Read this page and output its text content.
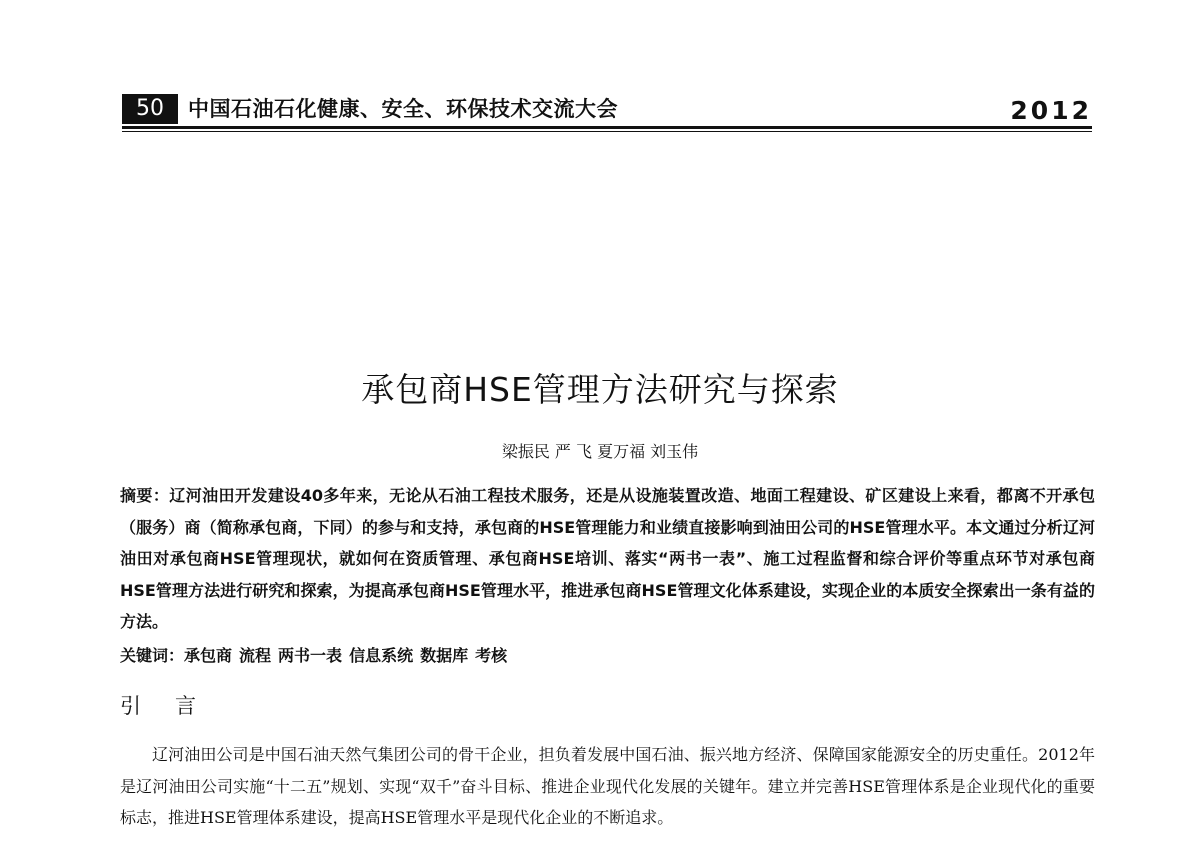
50	中国石油石化健康、安全、环保技术交流大会	2012
承包商HSE管理方法研究与探索
梁振民 严 飞 夏万福 刘玉伟
摘要：辽河油田开发建设40多年来，无论从石油工程技术服务，还是从设施装置改造、地面工程建设、矿区建设上来看，都离不开承包（服务）商（简称承包商，下同）的参与和支持，承包商的HSE管理能力和业绩直接影响到油田公司的HSE管理水平。本文通过分析辽河油田对承包商HSE管理现状，就如何在资质管理、承包商HSE培训、落实“两书一表”、施工过程监督和综合评价等重点环节对承包商HSE管理方法进行研究和探索，为提高承包商HSE管理水平，推进承包商HSE管理文化体系建设，实现企业的本质安全探索出一条有益的方法。
关键词：承包商 流程 两书一表 信息系统 数据库 考核
引言
辽河油田公司是中国石油天然气集团公司的骨干企业，担负着发展中国石油、振兴地方经济、保障国家能源安全的历史重任。2012年是辽河油田公司实施“十二五”规划、实现“双千”奋斗目标、推进企业现代化发展的关键年。建立并完善HSE管理体系是企业现代化的重要标志，推进HSE管理体系建设，提高HSE管理水平是现代化企业的不断追求。
